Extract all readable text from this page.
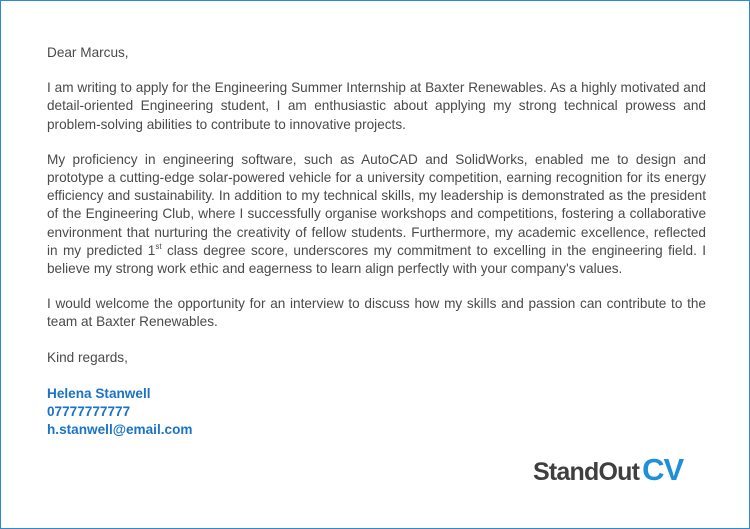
Dear Marcus,

I am writing to apply for the Engineering Summer Internship at Baxter Renewables. As a highly motivated and detail-oriented Engineering student, I am enthusiastic about applying my strong technical prowess and problem-solving abilities to contribute to innovative projects.

My proficiency in engineering software, such as AutoCAD and SolidWorks, enabled me to design and prototype a cutting-edge solar-powered vehicle for a university competition, earning recognition for its energy efficiency and sustainability. In addition to my technical skills, my leadership is demonstrated as the president of the Engineering Club, where I successfully organise workshops and competitions, fostering a collaborative environment that nurturing the creativity of fellow students. Furthermore, my academic excellence, reflected in my predicted 1st class degree score, underscores my commitment to excelling in the engineering field. I believe my strong work ethic and eagerness to learn align perfectly with your company's values.

I would welcome the opportunity for an interview to discuss how my skills and passion can contribute to the team at Baxter Renewables.

Kind regards,

Helena Stanwell
07777777777
h.stanwell@email.com
StandOutCV
